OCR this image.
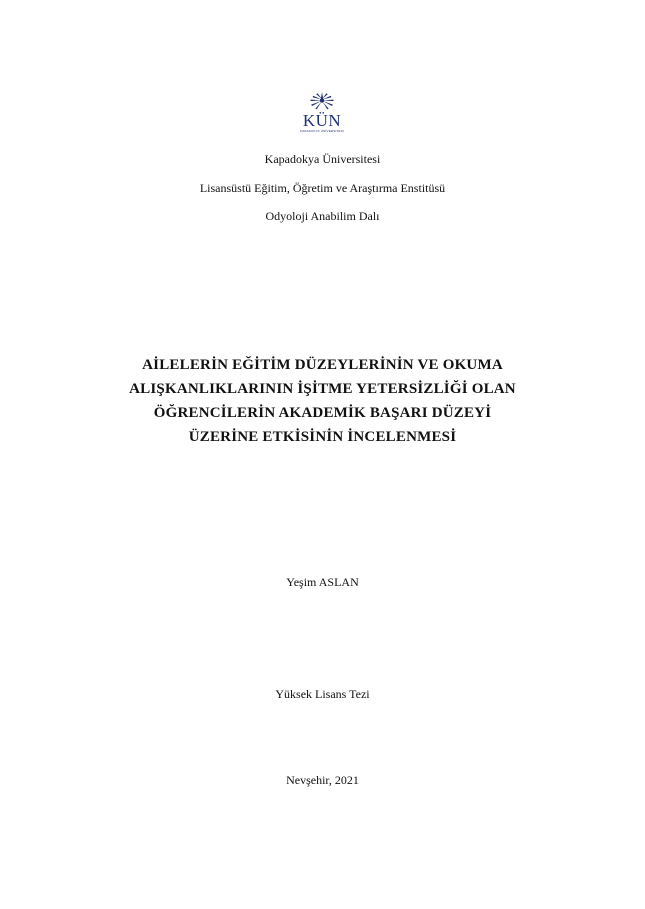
KÜN
KAPADOKYA ÜNİVERSİTESİ
Kapadokya Üniversitesi
Lisansüstü Eğitim, Öğretim ve Araştırma Enstitüsü
Odyoloji Anabilim Dalı
AİLELERİN EĞİTİM DÜZEYLERİNİN VE OKUMA
ALIŞKANLIKLARININ İŞİTME YETERSİZLİĞİ OLAN
ÖĞRENCİLERİN AKADEMİK BAŞARI DÜZEYİ
ÜZERİNE ETKİSİNİN İNCELENMESİ
Yeşim ASLAN
Yüksek Lisans Tezi
Nevşehir, 2021
